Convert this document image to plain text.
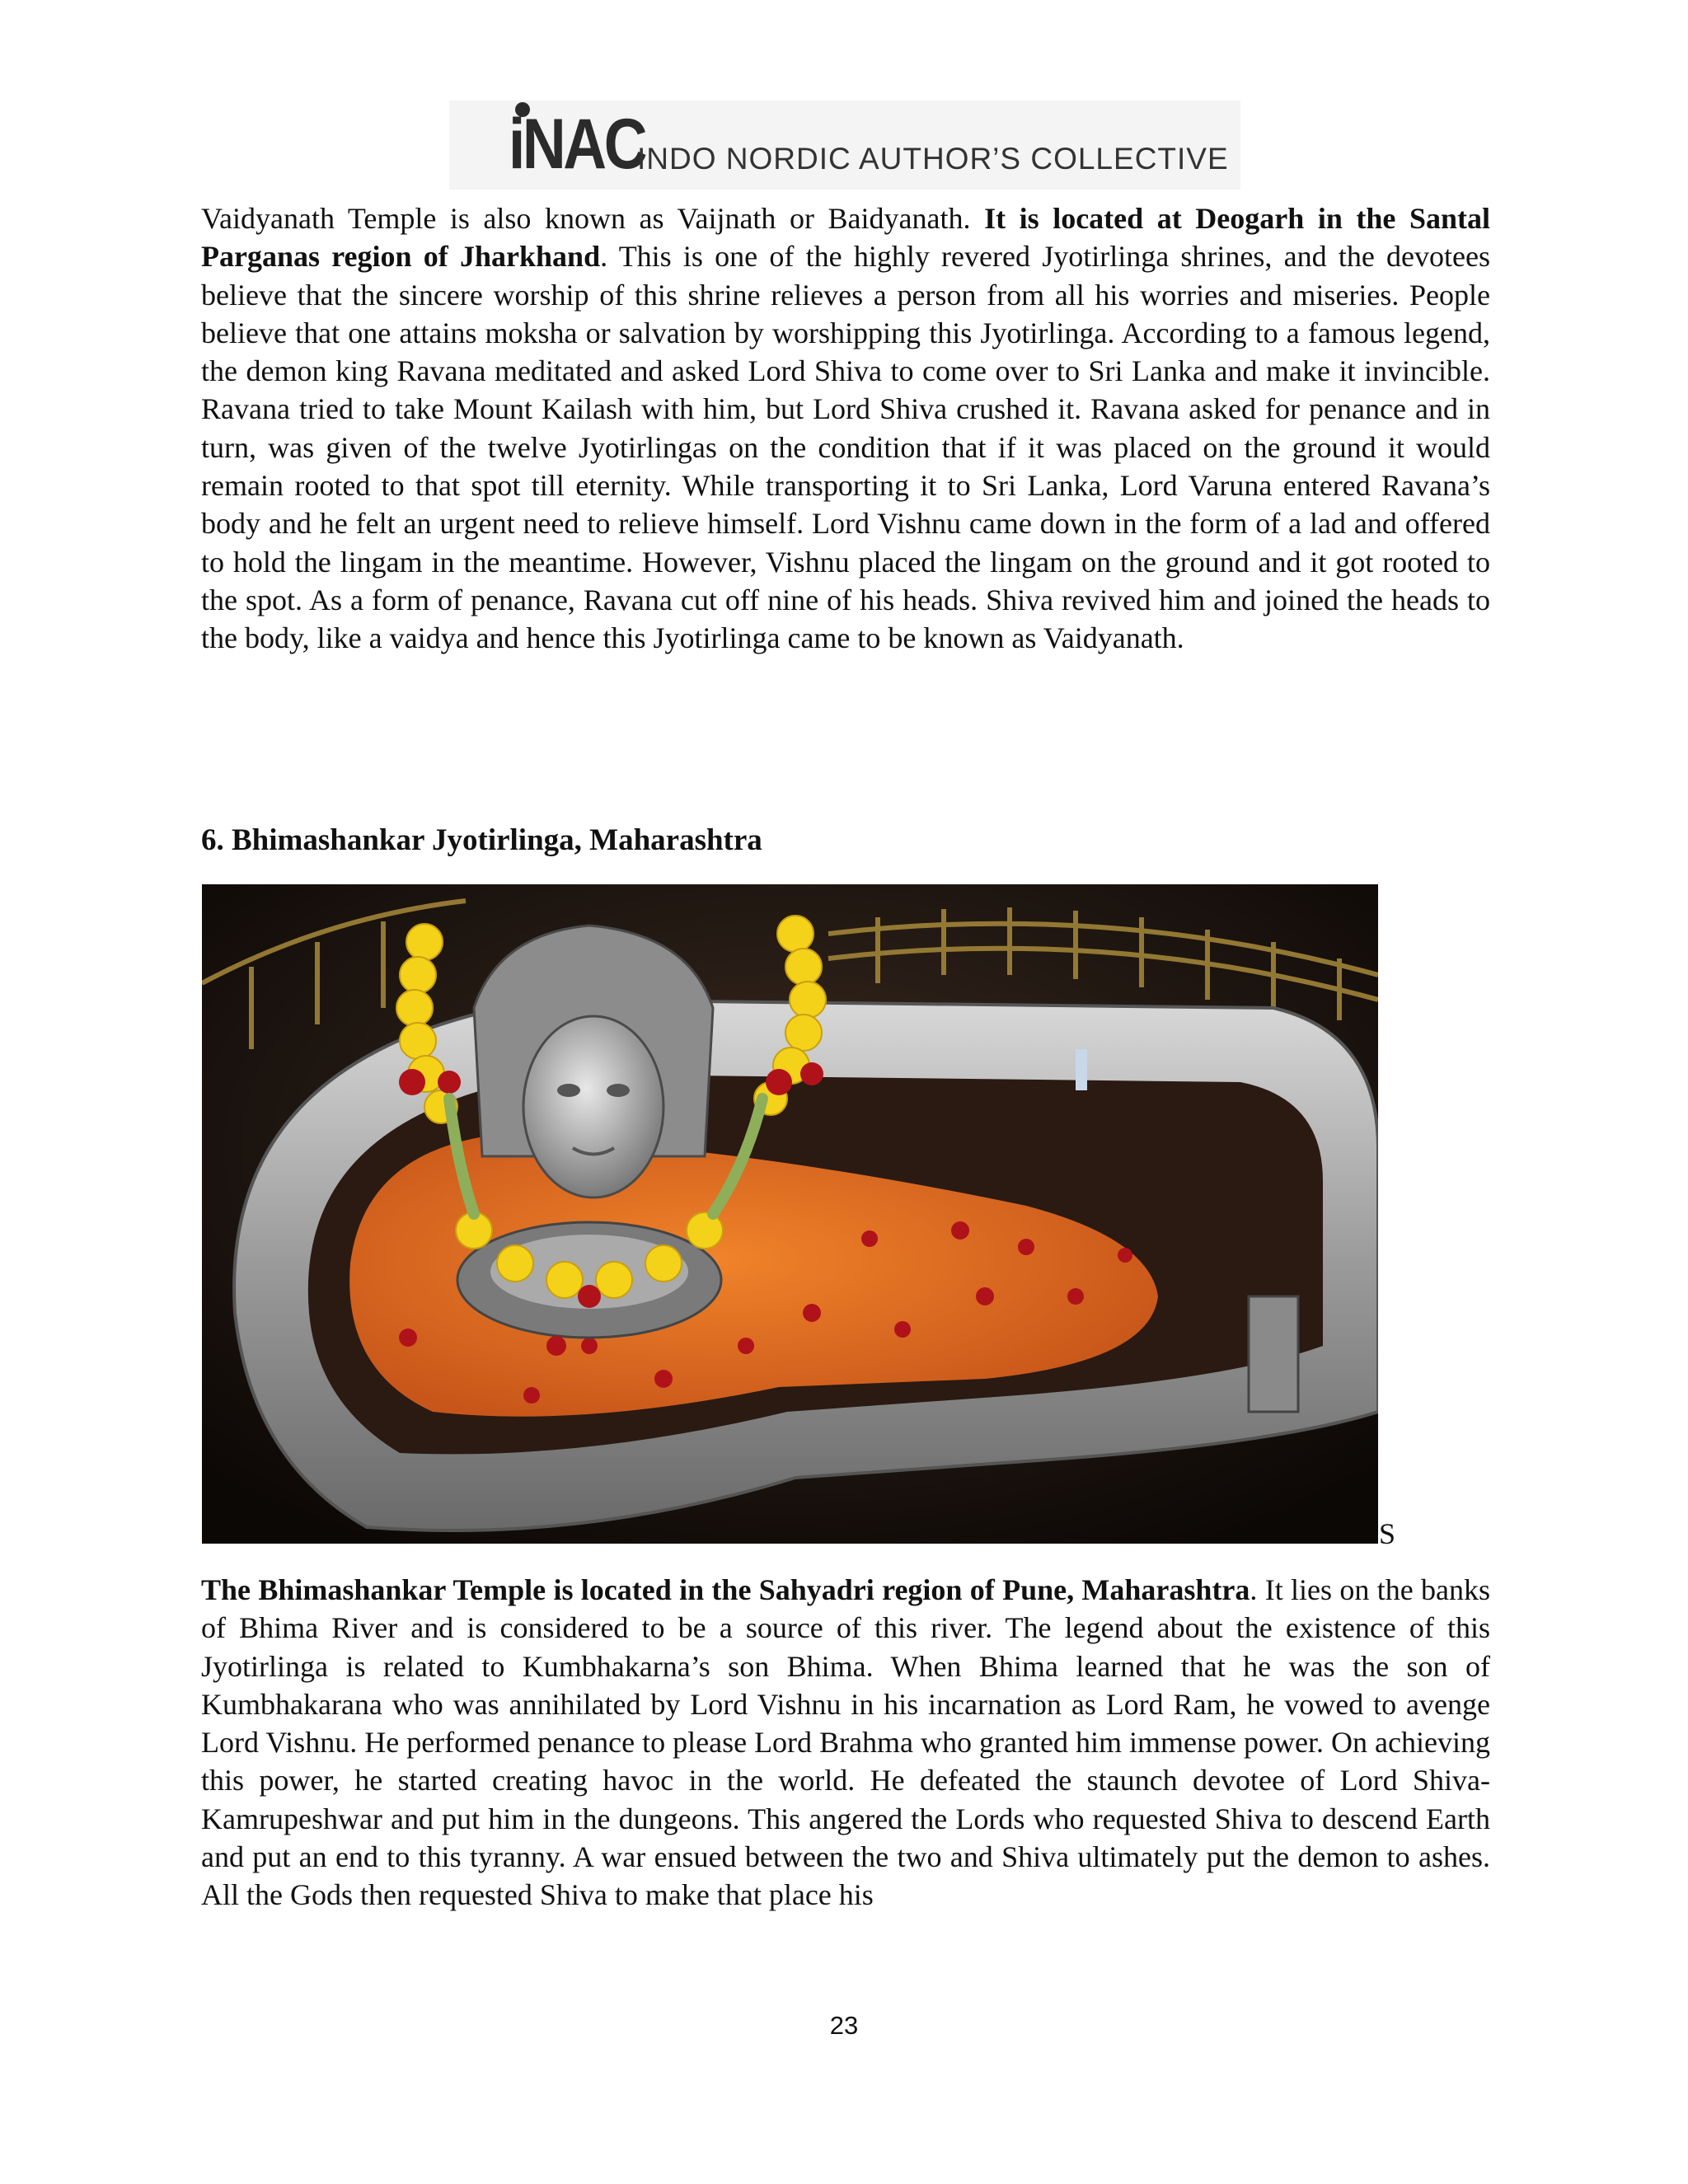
iNAC
INDO NORDIC AUTHOR’S COLLECTIVE

Vaidyanath Temple is also known as Vaijnath or Baidyanath. It is located at Deogarh in the Santal Parganas region of Jharkhand. This is one of the highly revered Jyotirlinga shrines, and the devotees believe that the sincere worship of this shrine relieves a person from all his worries and miseries. People believe that one attains moksha or salvation by worshipping this Jyotirlinga. According to a famous legend, the demon king Ravana meditated and asked Lord Shiva to come over to Sri Lanka and make it invincible. Ravana tried to take Mount Kailash with him, but Lord Shiva crushed it. Ravana asked for penance and in turn, was given of the twelve Jyotirlingas on the condition that if it was placed on the ground it would remain rooted to that spot till eternity. While transporting it to Sri Lanka, Lord Varuna entered Ravana’s body and he felt an urgent need to relieve himself. Lord Vishnu came down in the form of a lad and offered to hold the lingam in the meantime. However, Vishnu placed the lingam on the ground and it got rooted to the spot. As a form of penance, Ravana cut off nine of his heads. Shiva revived him and joined the heads to the body, like a vaidya and hence this Jyotirlinga came to be known as Vaidyanath.

6. Bhimashankar Jyotirlinga, Maharashtra
S

The Bhimashankar Temple is located in the Sahyadri region of Pune, Maharashtra. It lies on the banks of Bhima River and is considered to be a source of this river. The legend about the existence of this Jyotirlinga is related to Kumbhakarna’s son Bhima. When Bhima learned that he was the son of Kumbhakarana who was annihilated by Lord Vishnu in his incarnation as Lord Ram, he vowed to avenge Lord Vishnu. He performed penance to please Lord Brahma who granted him immense power. On achieving this power, he started creating havoc in the world. He defeated the staunch devotee of Lord Shiva-Kamrupeshwar and put him in the dungeons. This angered the Lords who requested Shiva to descend Earth and put an end to this tyranny. A war ensued between the two and Shiva ultimately put the demon to ashes. All the Gods then requested Shiva to make that place his

23
